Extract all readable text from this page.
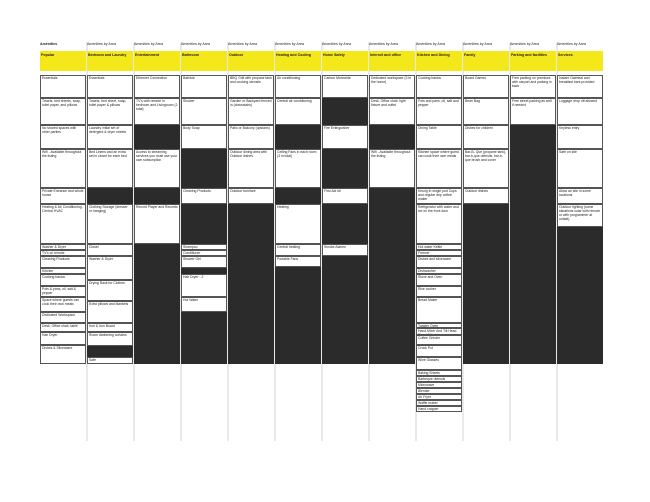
Amenities
Popular
Essentials
Towels, bed sheets, soap, toilet paper, and pillows
No shared spaces with other parties
Wifi - Available throughout the listing
Private Entrance and whole house
Heating & Air Conditioning - Central HVAC
Washer & Dryer
TV's w/ remote
Cleaning Products
Kitchen
Cooking basics
Pots & pans, oil, salt & pepper
Space where guests can cook their own meals
Dedicated Workspace
Desk, Office chair, table
Hair Dryer
Dishes & Silverware
Amenities by Area
Bedroom and Laundry
Essentials
Towels, bed sheet, soap, toilet paper & pillows
Laundry initial set of detergent & dryer sheets
Bed Linens and an extra set in closet for each bed.
Clothing Storage (dresser or hanging)
Closet
Washer & Dryer
Drying Rack for Clothes
Extra pillows and blankets
Iron & Iron Board
Room darkening curtains
Safe
Amenities by Area
Entertainment
Ethernet Connection
TV's with remote in bedroom and Livingroom (2 total)
Access to streaming services you must use your own subscription
Record Player and Records
Amenities by Area
Bathroom
Bathtub
Shower
Body Soap
Cleaning Products
Shampoo
Conditioner
Shower Gel
Hair Dryer - 2
Hot Water
Amenities by Area
Outdoor
BBQ Grill with propane tank and cooking utensils
Garden or Backyard fenced in (downstairs)
Patio or Balcony (upstairs)
Outdoor dining area with Outdoor dishes
Outdoor furniture
Amenities by Area
Heating and Cooling
Air conditioning
Central air conditioning
Ceiling Fans in each room (3 in total)
Heating
Central heating
Portable Fans
Amenities by Area
Home Safety
Carbon Monoxide
Fire Extinguisher
First Aid kit
Smoke Alarms
Amenities by Area
Internet and office
Dedicated workspace (3 in the home)
Desk, Office chair, light fixture and outlet
Wifi - Available throughout the listing
Amenities by Area
Kitchen and Dining
Cooking basics
Pots and pans, oil, salt and pepper
Dining Table
Kitchen space where guest can cook their own meals
Keurig in single pod Cups and regular drip coffee maker
Refrigerator with water and ice on the front door
Hot water Kettle
Freezer
Dishes and silverware
Dishwasher
Stove and Oven
Rice cooker
Bread Maker
Toaster Oven
Hand Mixer And Tilt Head Stand Mixer
Coffee Grinder
Crock Pot
Wine Glasses
Baking Sheets
Barbeque utensils
Microwave
Blender
Air Fryer
Waffle maker
Hand crapper
Amenities by Area
Family
Board Games
Bean Bag
Dishes for children
Bar-B- Que (propane tank), bar-b-que utensils, bar-b-que brush and cover
Outdoor dishes
Amenities by Area
Parking and facilities
Free parking on premises with carport and parking in back
Free street parking as well if needed
Amenities by Area
Services
Instant Oatmeal and breakfast bars provided
Luggage drop off allowed
Keyless entry
Safe on site
Allow an site in some locations
Outdoor lighting (some situations solar with remote or with programmer at outsdt)
